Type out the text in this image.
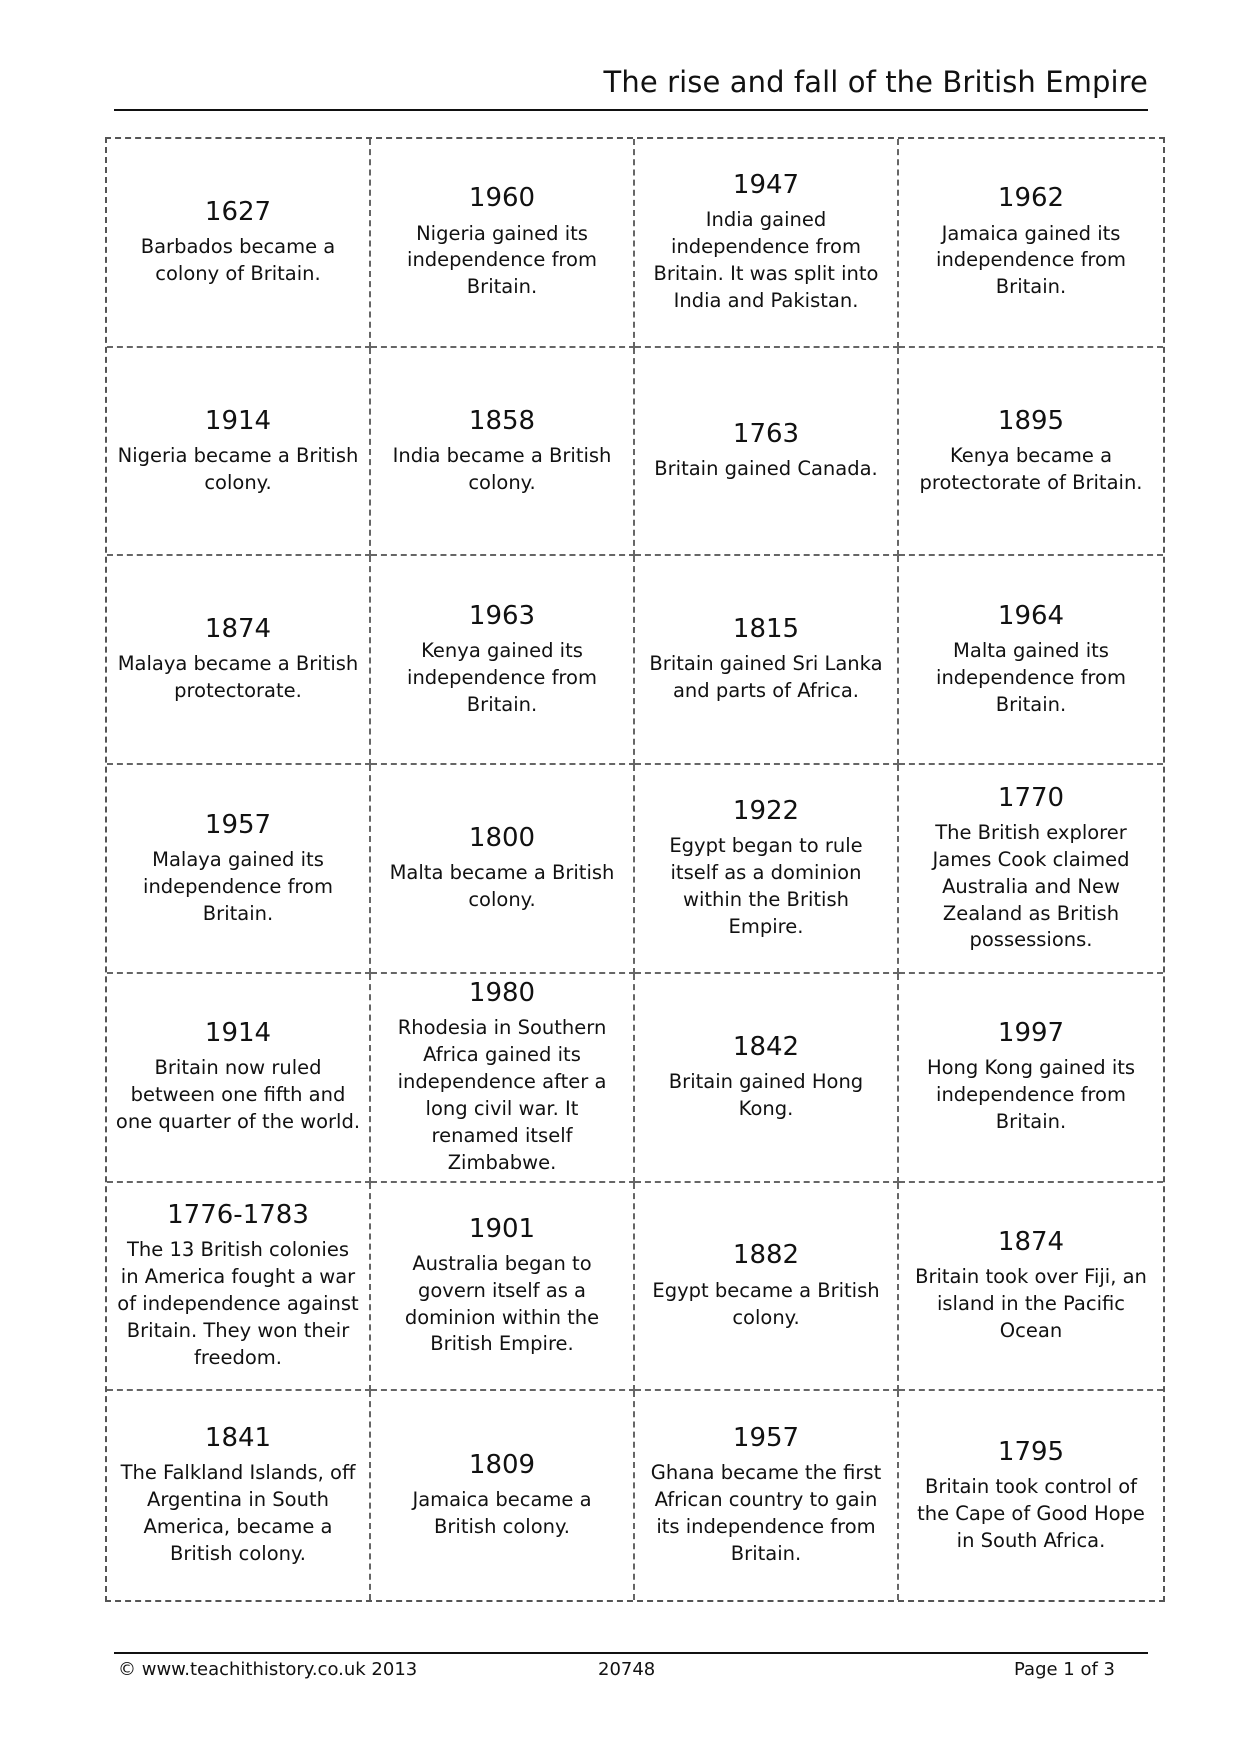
The rise and fall of the British Empire
1627
Barbados became a colony of Britain.
1960
Nigeria gained its independence from Britain.
1947
India gained independence from Britain. It was split into India and Pakistan.
1962
Jamaica gained its independence from Britain.
1914
Nigeria became a British colony.
1858
India became a British colony.
1763
Britain gained Canada.
1895
Kenya became a protectorate of Britain.
1874
Malaya became a British protectorate.
1963
Kenya gained its independence from Britain.
1815
Britain gained Sri Lanka and parts of Africa.
1964
Malta gained its independence from Britain.
1957
Malaya gained its independence from Britain.
1800
Malta became a British colony.
1922
Egypt began to rule itself as a dominion within the British Empire.
1770
The British explorer James Cook claimed Australia and New Zealand as British possessions.
1914
Britain now ruled between one fifth and one quarter of the world.
1980
Rhodesia in Southern Africa gained its independence after a long civil war. It renamed itself Zimbabwe.
1842
Britain gained Hong Kong.
1997
Hong Kong gained its independence from Britain.
1776-1783
The 13 British colonies in America fought a war of independence against Britain. They won their freedom.
1901
Australia began to govern itself as a dominion within the British Empire.
1882
Egypt became a British colony.
1874
Britain took over Fiji, an island in the Pacific Ocean
1841
The Falkland Islands, off Argentina in South America, became a British colony.
1809
Jamaica became a British colony.
1957
Ghana became the first African country to gain its independence from Britain.
1795
Britain took control of the Cape of Good Hope in South Africa.
© www.teachithistory.co.uk 2013	20748	Page 1 of 3
